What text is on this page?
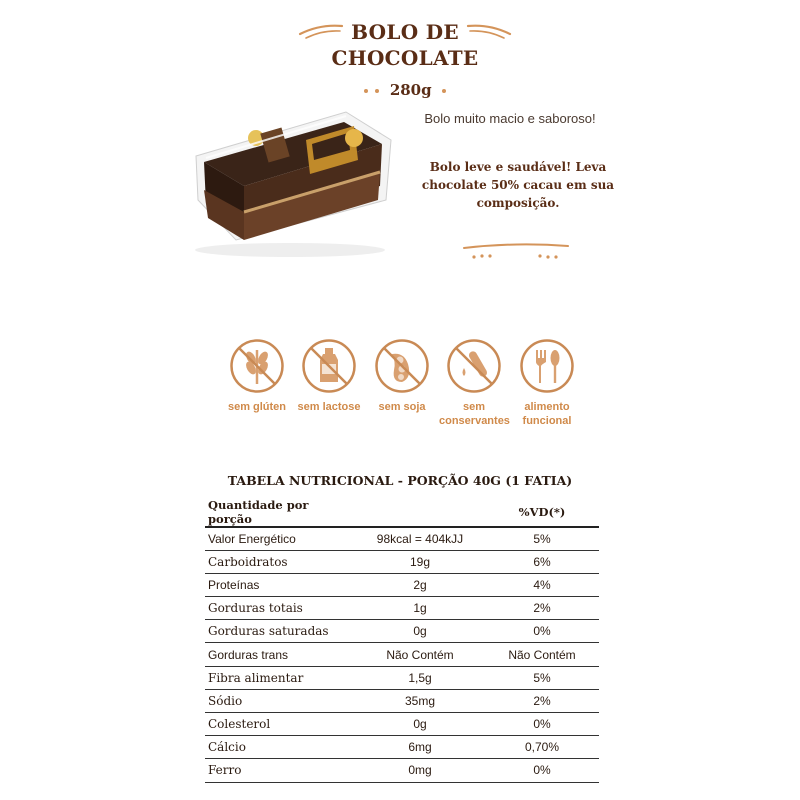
BOLO DE
CHOCOLATE
280g
Bolo muito macio e saboroso!
Bolo leve e saudável! Leva
chocolate 50% cacau em sua
composição.
sem glúten	sem lactose	sem soja	sem
conservantes
alimento
funcional
TABELA NUTRICIONAL - PORÇÃO 40G (1 FATIA)
Quantidade por porção		%VD(*)
Valor Energético	98kcal = 404kJJ	5%
Carboidratos	19g	6%
Proteínas	2g	4%
Gorduras totais	1g	2%
Gorduras saturadas	0g	0%
Gorduras trans	Não Contém	Não Contém
Fibra alimentar	1,5g	5%
Sódio	35mg	2%
Colesterol	0g	0%
Cálcio	6mg	0,70%
Ferro	0mg	0%
